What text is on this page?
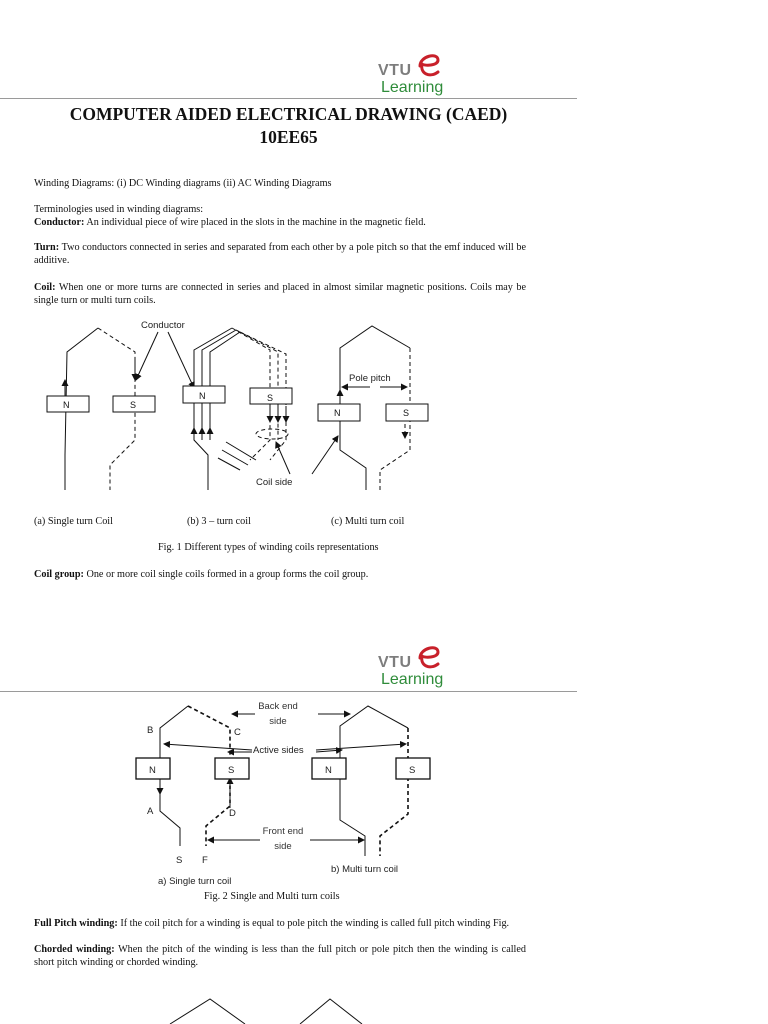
VTU
Learning
COMPUTER AIDED ELECTRICAL DRAWING (CAED)
10EE65
Winding Diagrams: (i) DC Winding diagrams (ii) AC Winding Diagrams
Terminologies used in winding diagrams:
Conductor: An individual piece of wire placed in the slots in the machine in the magnetic field.
Turn: Two conductors connected in series and separated from each other by a pole pitch so that the emf induced will be additive.
Coil: When one or more turns are connected in series and placed in almost similar magnetic positions. Coils may be single turn or multi turn coils.
N	S
N	S
N	S
Conductor
Pole pitch
Coil side
(a) Single turn Coil	(b) 3 – turn coil	(c) Multi turn coil
Fig. 1 Different types of winding coils representations
Coil group: One or more coil single coils formed in a group forms the coil group.
VTU
Learning
N	S	N	S
B	C
A	D
S F
Back end side
Active sides
Front end side
a) Single turn coil
b) Multi turn coil
Fig. 2 Single and Multi turn coils
Full Pitch winding: If the coil pitch for a winding is equal to pole pitch the winding is called full pitch winding Fig.
Chorded winding: When the pitch of the winding is less than the full pitch or pole pitch then the winding is called short pitch winding or chorded winding.
